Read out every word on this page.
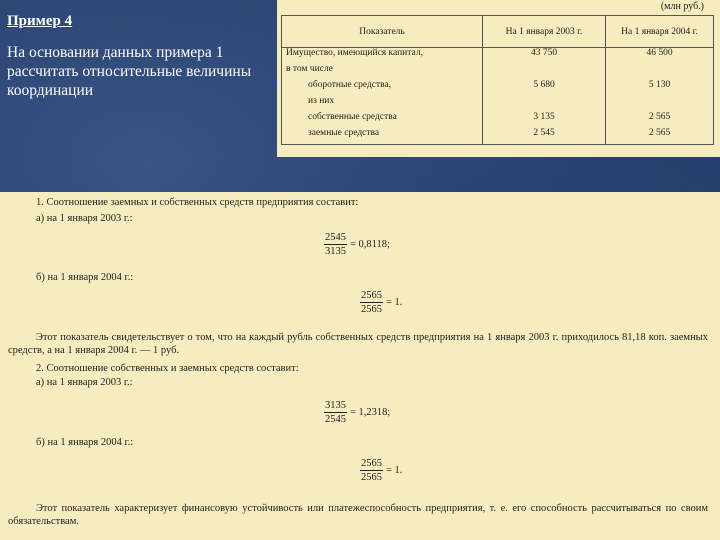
Пример 4

На основании данных примера 1 рассчитать относительные величины координации

(млн руб.)
Показатель	На 1 января 2003 г.	На 1 января 2004 г.
Имущество, имеющийся капитал,	43 750	46 500
в том числе		
оборотные средства,	5 680	5 130
из них		
собственные средства	3 135	2 565
заемные средства	2 545	2 565
1. Соотношение заемных и собственных средств предприятия составит:
а) на 1 января 2003 г.:
$\frac{2545}{3135} = 0,8118$;
б) на 1 января 2004 г.:
$\frac{2565}{2565} = 1$.

Этот показатель свидетельствует о том, что на каждый рубль собственных средств предприятия на 1 января 2003 г. приходилось 81,18 коп. заемных средств, а на 1 января 2004 г. — 1 руб.

2. Соотношение собственных и заемных средств составит:
а) на 1 января 2003 г.:
$\frac{3135}{2545} = 1,2318$;
б) на 1 января 2004 г.:
$\frac{2565}{2565} = 1$.

Этот показатель характеризует финансовую устойчивость или платежеспособность предприятия, т. е. его способность рассчитываться по своим обязательствам.
